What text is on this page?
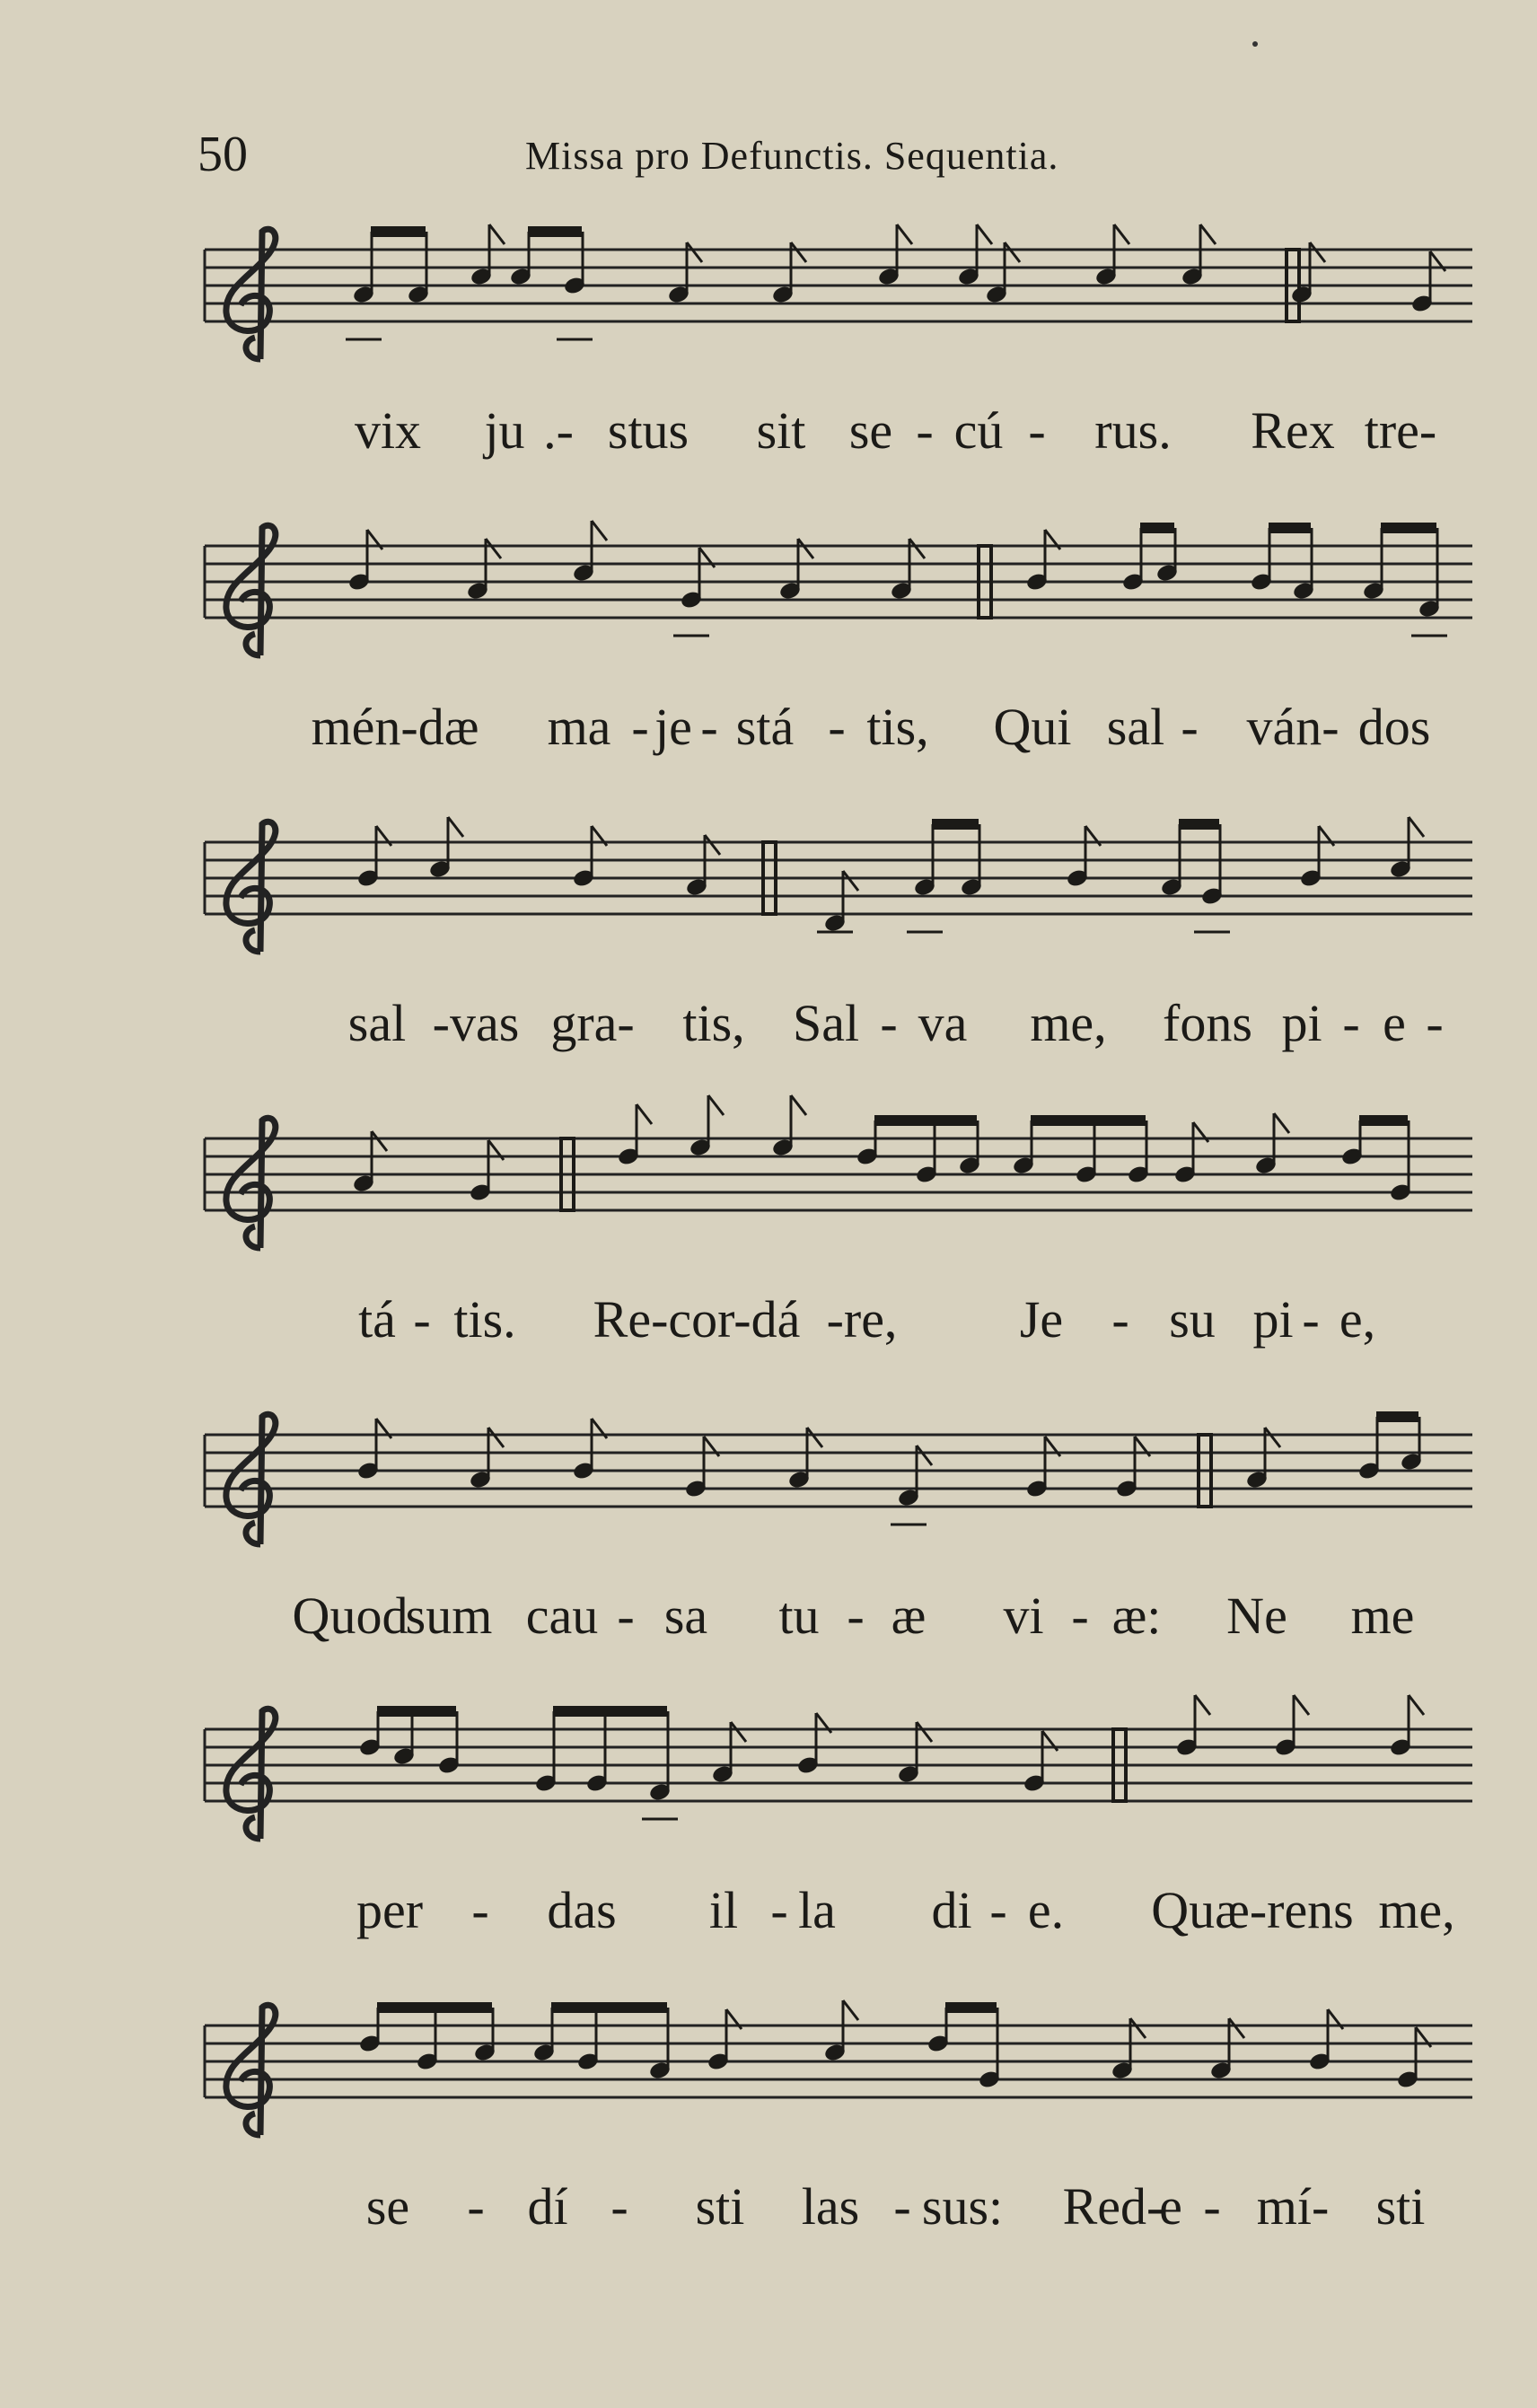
50	Missa pro Defunctis. Sequentia.
vix ju .- stus sit se - cú - rus. Rex tre-
mén-dæ ma - je - stá - tis, Qui sal - ván- dos
sal -vas gra- tis, Sal - va me, fons pi - e -
tá - tis. Re-cor-dá -re, Je - su pi - e,
Quod
sum cau - sa tu - æ vi - æ: Ne me
per - das il - la di - e. Quæ-rens me,
se - dí - sti las - sus: Red-
e - mí- sti
